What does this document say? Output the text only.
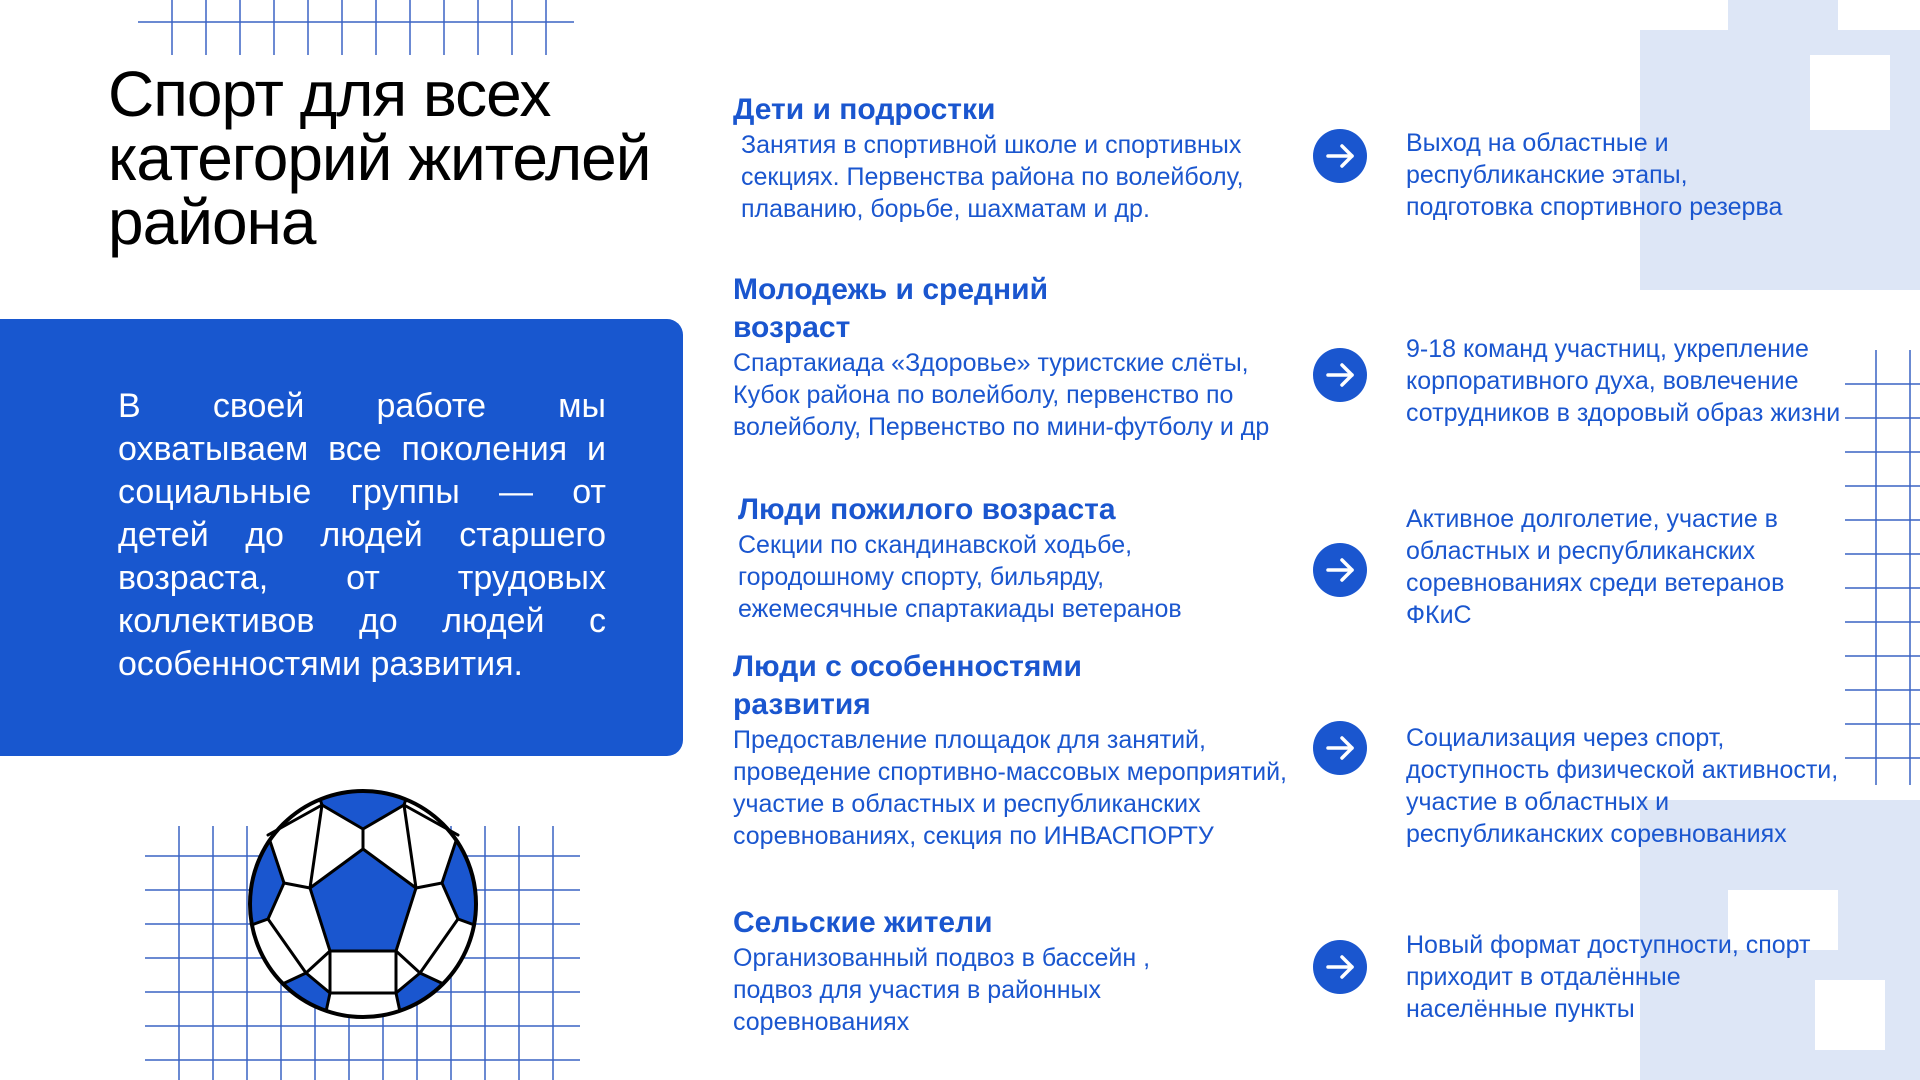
Спорт для всех категорий жителей района

В своей работе мы охватываем все поколения и социальные группы — от детей до людей старшего возраста, от трудовых коллективов до людей с особенностями развития.

Дети и подростки

Занятия в спортивной школе и спортивных секциях. Первенства района по волейболу, плаванию, борьбе, шахматам и др.

Выход на областные и республиканские этапы, подготовка спортивного резерва

Молодежь и средний возраст

Спартакиада «Здоровье» туристские слёты, Кубок района по волейболу, первенство по волейболу, Первенство по мини-футболу и др

9-18 команд участниц, укрепление корпоративного духа, вовлечение сотрудников в здоровый образ жизни

Люди пожилого возраста

Секции по скандинавской ходьбе, городошному спорту, бильярду, ежемесячные спартакиады ветеранов

Активное долголетие, участие в областных и республиканских соревнованиях среди ветеранов ФКиС

Люди с особенностями развития

Предоставление площадок для занятий, проведение спортивно-массовых мероприятий, участие в областных и республиканских соревнованиях, секция по ИНВАСПОРТУ

Социализация через спорт, доступность физической активности, участие в областных и республиканских соревнованиях

Сельские жители

Организованный подвоз в бассейн , подвоз для участия в районных соревнованиях

Новый формат доступности, спорт приходит в отдалённые населённые пункты
